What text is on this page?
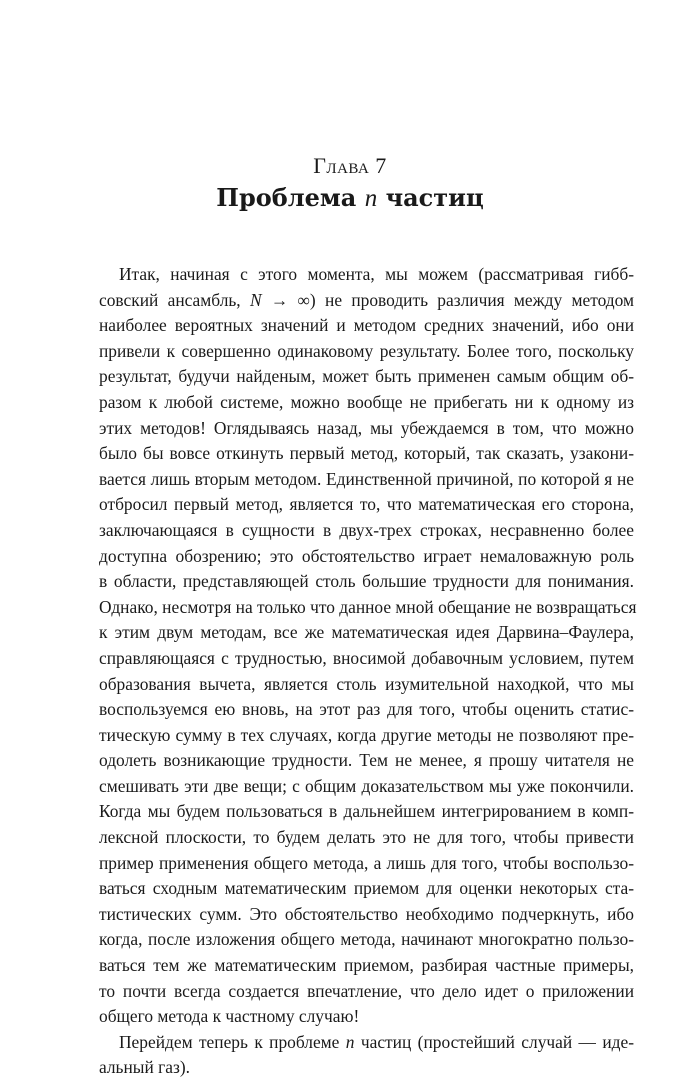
Глава 7
Проблема n частиц
Итак, начиная с этого момента, мы можем (рассматривая гибб-
совский ансамбль, N → ∞) не проводить различия между методом
наиболее вероятных значений и методом средних значений, ибо они
привели к совершенно одинаковому результату. Более того, поскольку
результат, будучи найденым, может быть применен самым общим об-
разом к любой системе, можно вообще не прибегать ни к одному из
этих методов! Оглядываясь назад, мы убеждаемся в том, что можно
было бы вовсе откинуть первый метод, который, так сказать, узакони-
вается лишь вторым методом. Единственной причиной, по которой я не
отбросил первый метод, является то, что математическая его сторона,
заключающаяся в сущности в двух-трех строках, несравненно более
доступна обозрению; это обстоятельство играет немаловажную роль
в области, представляющей столь большие трудности для понимания.
Однако, несмотря на только что данное мной обещание не возвращаться
к этим двум методам, все же математическая идея Дарвина–Фаулера,
справляющаяся с трудностью, вносимой добавочным условием, путем
образования вычета, является столь изумительной находкой, что мы
воспользуемся ею вновь, на этот раз для того, чтобы оценить статис-
тическую сумму в тех случаях, когда другие методы не позволяют пре-
одолеть возникающие трудности. Тем не менее, я прошу читателя не
смешивать эти две вещи; с общим доказательством мы уже покончили.
Когда мы будем пользоваться в дальнейшем интегрированием в комп-
лексной плоскости, то будем делать это не для того, чтобы привести
пример применения общего метода, а лишь для того, чтобы воспользо-
ваться сходным математическим приемом для оценки некоторых ста-
тистических сумм. Это обстоятельство необходимо подчеркнуть, ибо
когда, после изложения общего метода, начинают многократно пользо-
ваться тем же математическим приемом, разбирая частные примеры,
то почти всегда создается впечатление, что дело идет о приложении
общего метода к частному случаю!
Перейдем теперь к проблеме n частиц (простейший случай — иде-
альный газ).
